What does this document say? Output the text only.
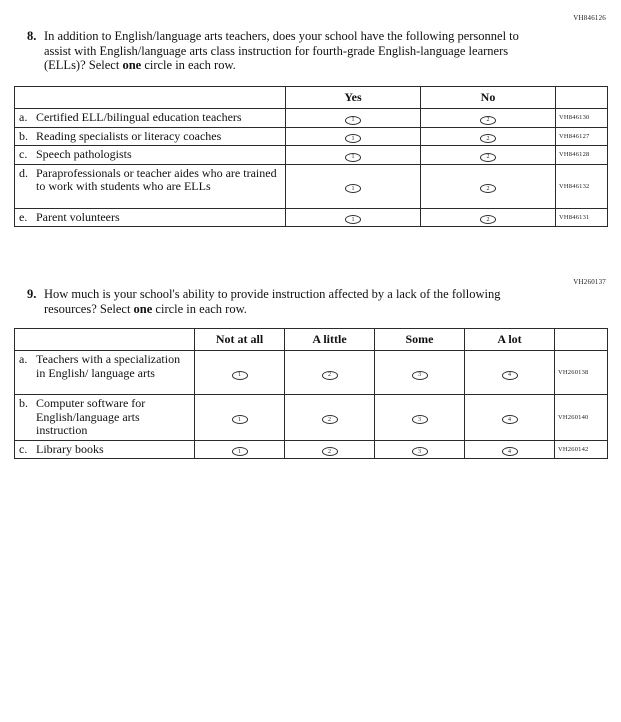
VH846126
8. In addition to English/language arts teachers, does your school have the following personnel to assist with English/language arts class instruction for fourth-grade English-language learners (ELLs)? Select one circle in each row.
	Yes	No	

a. Certified ELL/bilingual education teachers	1	2	VH846130

b. Reading specialists or literacy coaches	1	2	VH846127

c. Speech pathologists	1	2	VH846128

d. Paraprofessionals or teacher aides who are trained to work with students who are ELLs	1	2	VH846132

e. Parent volunteers	1	2	VH846131
VH260137
9. How much is your school's ability to provide instruction affected by a lack of the following resources? Select one circle in each row.
	Not at all	A little	Some	A lot	

a. Teachers with a specialization in English/ language arts	1	2	3	4	VH260138

b. Computer software for English/language arts instruction	1	2	3	4	VH260140

c. Library books	1	2	3	4	VH260142
